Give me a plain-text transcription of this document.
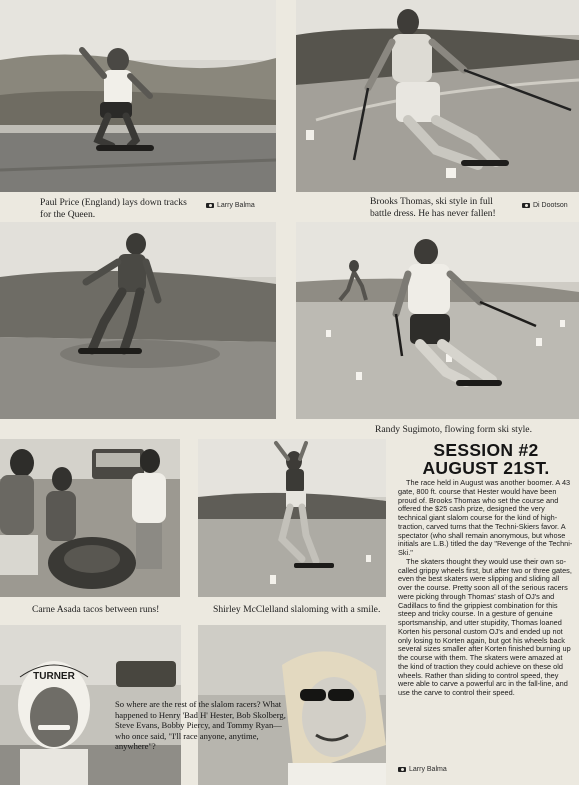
Paul Price (England) lays down tracks for the Queen.
Larry Balma	Brooks Thomas, ski style in full battle dress. He has never fallen!
Di Dootson
Randy Sugimoto, flowing form ski style.
Carne Asada tacos between runs!	Shirley McClelland slaloming with a smile.
TURNER
So where are the rest of the slalom racers? What happened to Henry 'Bad H' Hester, Bob Skolberg, Steve Evans, Bobby Piercy, and Tommy Ryan—who once said, "I'll race anyone, anytime, anywhere"?
SESSION #2
AUGUST 21ST.

The race held in August was another boomer. A 43 gate, 800 ft. course that Hester would have been proud of. Brooks Thomas who set the course and offered the $25 cash prize, designed the very technical giant slalom course for the kind of high-traction, carved turns that the Techni-Skiers favor. A spectator (who shall remain anonymous, but whose initials are L.B.) titled the day "Revenge of the Techni-Ski."

The skaters thought they would use their own so-called grippy wheels first, but after two or three gates, even the best skaters were slipping and sliding all over the course. Pretty soon all of the serious racers were picking through Thomas' stash of OJ's and Cadillacs to find the grippiest combination for this steep and tricky course. In a gesture of genuine sportsmanship, and utter stupidity, Thomas loaned Korten his personal custom OJ's and ended up not only losing to Korten again, but got his wheels back several sizes smaller after Korten finished burning up the course with them. The skaters were amazed at the kind of traction they could achieve on these old wheels. Rather than sliding to control speed, they were able to carve a powerful arc in the fall-line, and use the carve to control their speed.

Larry Balma
